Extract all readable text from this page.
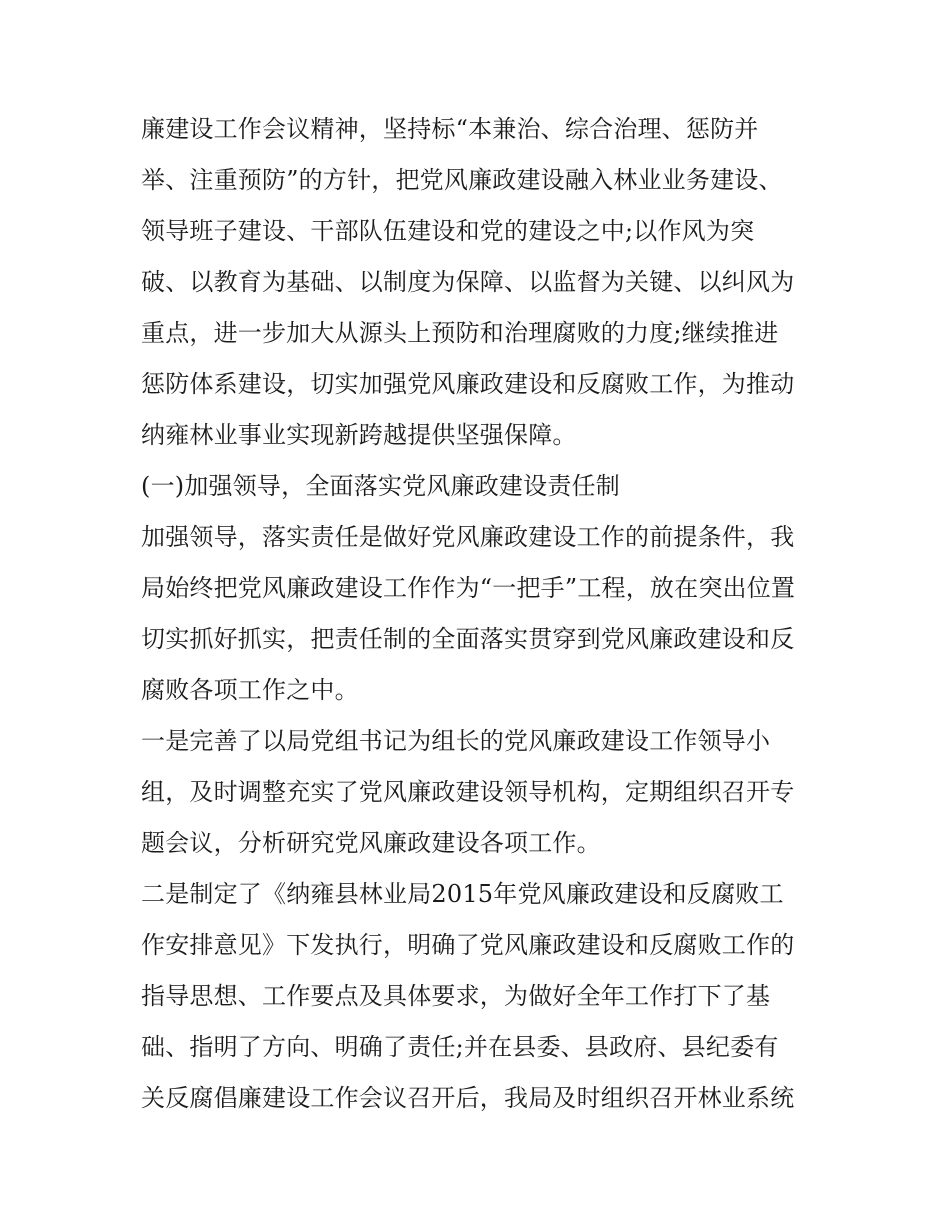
廉建设工作会议精神，坚持标“本兼治、综合治理、惩防并
举、注重预防”的方针，把党风廉政建设融入林业业务建设、
领导班子建设、干部队伍建设和党的建设之中;以作风为突
破、以教育为基础、以制度为保障、以监督为关键、以纠风为
重点，进一步加大从源头上预防和治理腐败的力度;继续推进
惩防体系建设，切实加强党风廉政建设和反腐败工作，为推动
纳雍林业事业实现新跨越提供坚强保障。
(一)加强领导，全面落实党风廉政建设责任制
加强领导，落实责任是做好党风廉政建设工作的前提条件，我
局始终把党风廉政建设工作作为“一把手”工程，放在突出位置
切实抓好抓实，把责任制的全面落实贯穿到党风廉政建设和反
腐败各项工作之中。
一是完善了以局党组书记为组长的党风廉政建设工作领导小
组，及时调整充实了党风廉政建设领导机构，定期组织召开专
题会议，分析研究党风廉政建设各项工作。
二是制定了《纳雍县林业局2015年党风廉政建设和反腐败工
作安排意见》下发执行，明确了党风廉政建设和反腐败工作的
指导思想、工作要点及具体要求，为做好全年工作打下了基
础、指明了方向、明确了责任;并在县委、县政府、县纪委有
关反腐倡廉建设工作会议召开后，我局及时组织召开林业系统
